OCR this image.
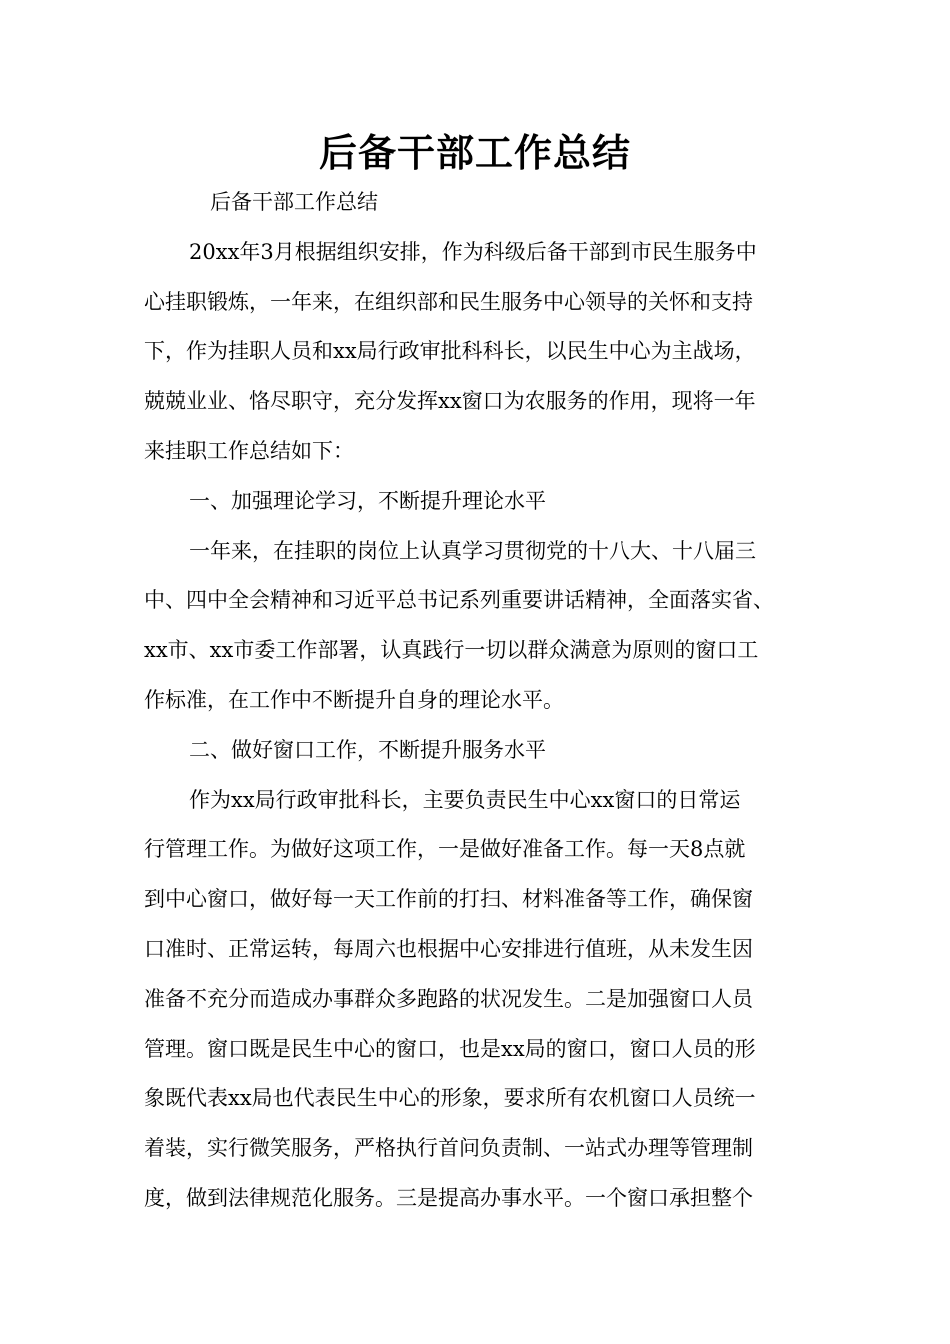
后备干部工作总结
后备干部工作总结
20xx年3月根据组织安排，作为科级后备干部到市民生服务中
心挂职锻炼，一年来，在组织部和民生服务中心领导的关怀和支持
下，作为挂职人员和xx局行政审批科科长，以民生中心为主战场，
兢兢业业、恪尽职守，充分发挥xx窗口为农服务的作用，现将一年
来挂职工作总结如下：
一、加强理论学习，不断提升理论水平
一年来，在挂职的岗位上认真学习贯彻党的十八大、十八届三
中、四中全会精神和习近平总书记系列重要讲话精神，全面落实省、
xx市、xx市委工作部署，认真践行一切以群众满意为原则的窗口工
作标准，在工作中不断提升自身的理论水平。
二、做好窗口工作，不断提升服务水平
作为xx局行政审批科长，主要负责民生中心xx窗口的日常运
行管理工作。为做好这项工作，一是做好准备工作。每一天8点就
到中心窗口，做好每一天工作前的打扫、材料准备等工作，确保窗
口准时、正常运转，每周六也根据中心安排进行值班，从未发生因
准备不充分而造成办事群众多跑路的状况发生。二是加强窗口人员
管理。窗口既是民生中心的窗口，也是xx局的窗口，窗口人员的形
象既代表xx局也代表民生中心的形象，要求所有农机窗口人员统一
着装，实行微笑服务，严格执行首问负责制、一站式办理等管理制
度，做到法律规范化服务。三是提高办事水平。一个窗口承担整个
